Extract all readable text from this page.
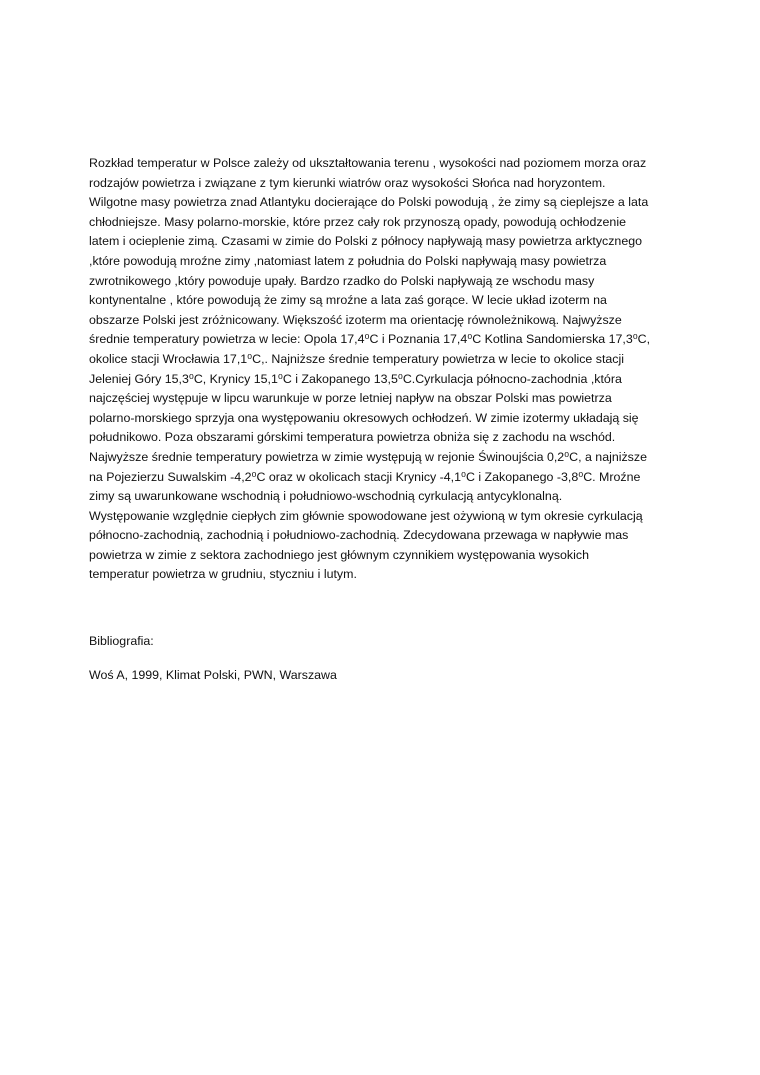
Rozkład temperatur w Polsce zależy od ukształtowania terenu , wysokości nad poziomem morza oraz
rodzajów powietrza i związane z tym kierunki wiatrów oraz wysokości Słońca nad horyzontem.
Wilgotne masy powietrza znad Atlantyku docierające do Polski powodują , że zimy są cieplejsze a lata
chłodniejsze. Masy polarno-morskie, które przez cały rok przynoszą opady, powodują ochłodzenie
latem i ocieplenie zimą. Czasami w zimie do Polski z północy napływają masy powietrza arktycznego
,które powodują mroźne zimy ,natomiast latem z południa do Polski napływają masy powietrza
zwrotnikowego ,który powoduje upały. Bardzo rzadko do Polski napływają ze wschodu masy
kontynentalne , które powodują że zimy są mroźne a lata zaś gorące. W lecie układ izoterm na
obszarze Polski jest zróżnicowany. Większość izoterm ma orientację równoleżnikową. Najwyższe
średnie temperatury powietrza w lecie: Opola 17,4⁰C i Poznania 17,4⁰C Kotlina Sandomierska 17,3⁰C,
okolice stacji Wrocławia 17,1⁰C,. Najniższe średnie temperatury powietrza w lecie to okolice stacji
Jeleniej Góry 15,3⁰C, Krynicy 15,1⁰C i Zakopanego 13,5⁰C.Cyrkulacja północno-zachodnia ,która
najczęściej występuje w lipcu warunkuje w porze letniej napływ na obszar Polski mas powietrza
polarno-morskiego sprzyja ona występowaniu okresowych ochłodzeń. W zimie izotermy układają się
południkowo. Poza obszarami górskimi temperatura powietrza obniża się z zachodu na wschód.
Najwyższe średnie temperatury powietrza w zimie występują w rejonie Świnoujścia 0,2⁰C, a najniższe
na Pojezierzu Suwalskim -4,2⁰C oraz w okolicach stacji Krynicy -4,1⁰C i Zakopanego -3,8⁰C. Mroźne
zimy są uwarunkowane wschodnią i południowo-wschodnią cyrkulacją antycyklonalną.
Występowanie względnie ciepłych zim głównie spowodowane jest ożywioną w tym okresie cyrkulacją
północno-zachodnią, zachodnią i południowo-zachodnią. Zdecydowana przewaga w napływie mas
powietrza w zimie z sektora zachodniego jest głównym czynnikiem występowania wysokich
temperatur powietrza w grudniu, styczniu i lutym.

Bibliografia:

Woś A, 1999, Klimat Polski, PWN, Warszawa
